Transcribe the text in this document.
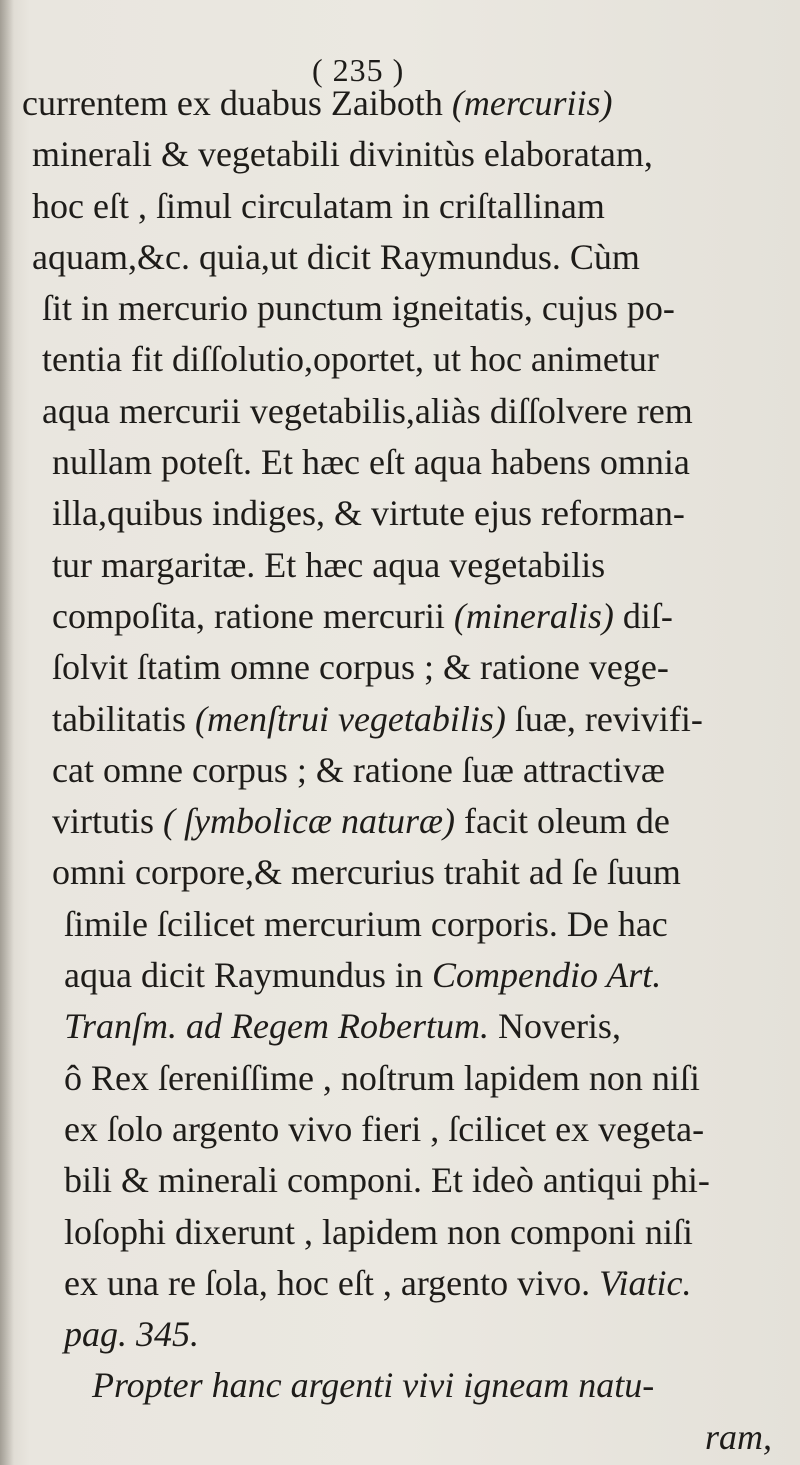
( 235 )
currentem ex duabus Zaiboth (mercuriis)
minerali & vegetabili divinitùs elaboratam,
hoc eſt , ſimul circulatam in criſtallinam
aquam,&c. quia,ut dicit Raymundus. Cùm
ſit in mercurio punctum igneitatis, cujus po-
tentia fit diſſolutio,oportet, ut hoc animetur
aqua mercurii vegetabilis,aliàs diſſolvere rem
nullam poteſt. Et hæc eſt aqua habens omnia
illa,quibus indiges, & virtute ejus reforman-
tur margaritæ. Et hæc aqua vegetabilis
compoſita, ratione mercurii (mineralis) diſ-
ſolvit ſtatim omne corpus ; & ratione vege-
tabilitatis (menſtrui vegetabilis) ſuæ, revivifi-
cat omne corpus ; & ratione ſuæ attractivæ
virtutis ( ſymbolicæ naturæ) facit oleum de
omni corpore,& mercurius trahit ad ſe ſuum
ſimile ſcilicet mercurium corporis. De hac
aqua dicit Raymundus in Compendio Art.
Tranſm. ad Regem Robertum. Noveris,
ô Rex ſereniſſime , noſtrum lapidem non niſi
ex ſolo argento vivo fieri , ſcilicet ex vegeta-
bili & minerali componi. Et ideò antiqui phi-
loſophi dixerunt , lapidem non componi niſi
ex una re ſola, hoc eſt , argento vivo. Viatic.
pag. 345.
Propter hanc argenti vivi igneam natu-
ram,
